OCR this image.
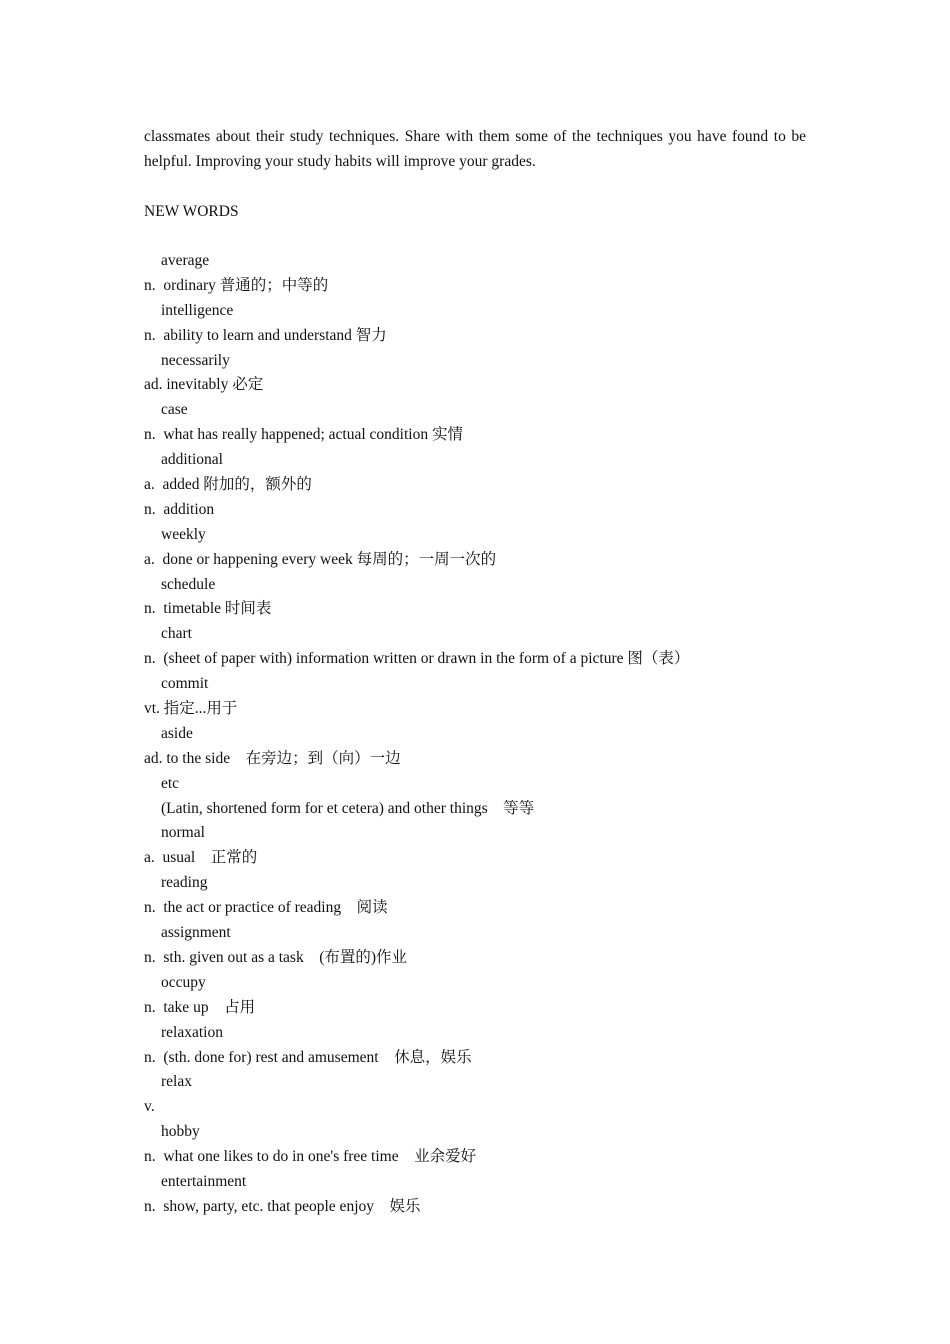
classmates about their study techniques. Share with them some of the techniques you have found to be helpful. Improving your study habits will improve your grades.

NEW WORDS

average
n.  ordinary 普通的；中等的
intelligence
n.  ability to learn and understand 智力
necessarily
ad. inevitably 必定
case
n.  what has really happened; actual condition 实情
additional
a.  added 附加的，额外的
n.  addition
weekly
a.  done or happening every week 每周的；一周一次的
schedule
n.  timetable 时间表
chart
n.  (sheet of paper with) information written or drawn in the form of a picture 图（表）
commit
vt. 指定...用于
aside
ad. to the side    在旁边；到（向）一边
etc
(Latin, shortened form for et cetera) and other things    等等
normal
a.  usual    正常的
reading
n.  the act or practice of reading    阅读
assignment
n.  sth. given out as a task    (布置的)作业
occupy
n.  take up    占用
relaxation
n.  (sth. done for) rest and amusement    休息，娱乐
relax
v.
hobby
n.  what one likes to do in one's free time    业余爱好
entertainment
n.  show, party, etc. that people enjoy    娱乐
